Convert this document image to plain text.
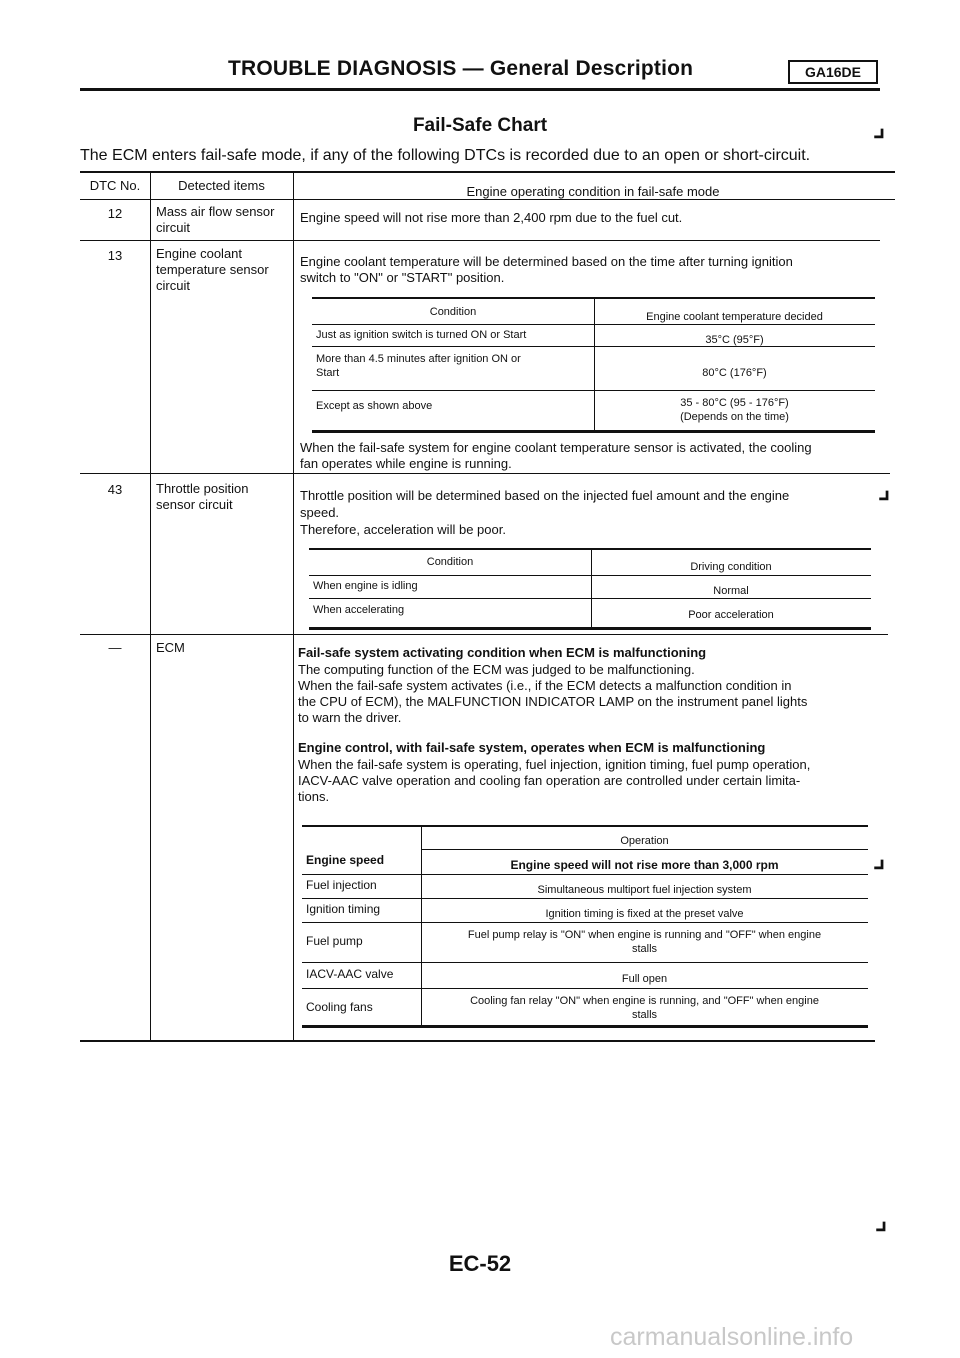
TROUBLE DIAGNOSIS — General Description	GA16DE
Fail-Safe Chart	⌟
The ECM enters fail-safe mode, if any of the following DTCs is recorded due to an open or short-circuit.
DTC No.	Detected items	Engine operating condition in fail-safe mode
12	Mass air flow sensor
circuit
Engine speed will not rise more than 2,400 rpm due to the fuel cut.
13	Engine coolant
temperature sensor
circuit
Engine coolant temperature will be determined based on the time after turning ignition
switch to "ON" or "START" position.
Condition	Engine coolant temperature decided
Just as ignition switch is turned ON or Start	35°C (95°F)
More than 4.5 minutes after ignition ON or
Start	80°C (176°F)
Except as shown above	35 - 80°C (95 - 176°F)
(Depends on the time)
When the fail-safe system for engine coolant temperature sensor is activated, the cooling
fan operates while engine is running.
43	Throttle position
sensor circuit
⌟
Throttle position will be determined based on the injected fuel amount and the engine
speed.
Therefore, acceleration will be poor.
Condition	Driving condition
When engine is idling	Normal
When accelerating	Poor acceleration
—	ECM	Fail-safe system activating condition when ECM is malfunctioning
The computing function of the ECM was judged to be malfunctioning.
When the fail-safe system activates (i.e., if the ECM detects a malfunction condition in
the CPU of ECM), the MALFUNCTION INDICATOR LAMP on the instrument panel lights
to warn the driver.
Engine control, with fail-safe system, operates when ECM is malfunctioning
When the fail-safe system is operating, fuel injection, ignition timing, fuel pump operation,
IACV-AAC valve operation and cooling fan operation are controlled under certain limita-
tions.
Operation
⌟
Engine speed	Engine speed will not rise more than 3,000 rpm
Fuel injection	Simultaneous multiport fuel injection system
Ignition timing	Ignition timing is fixed at the preset valve
Fuel pump	Fuel pump relay is "ON" when engine is running and "OFF" when engine
stalls
IACV-AAC valve	Full open
Cooling fans	Cooling fan relay "ON" when engine is running, and "OFF" when engine
stalls
⌟
EC-52
carmanualsonline.info
